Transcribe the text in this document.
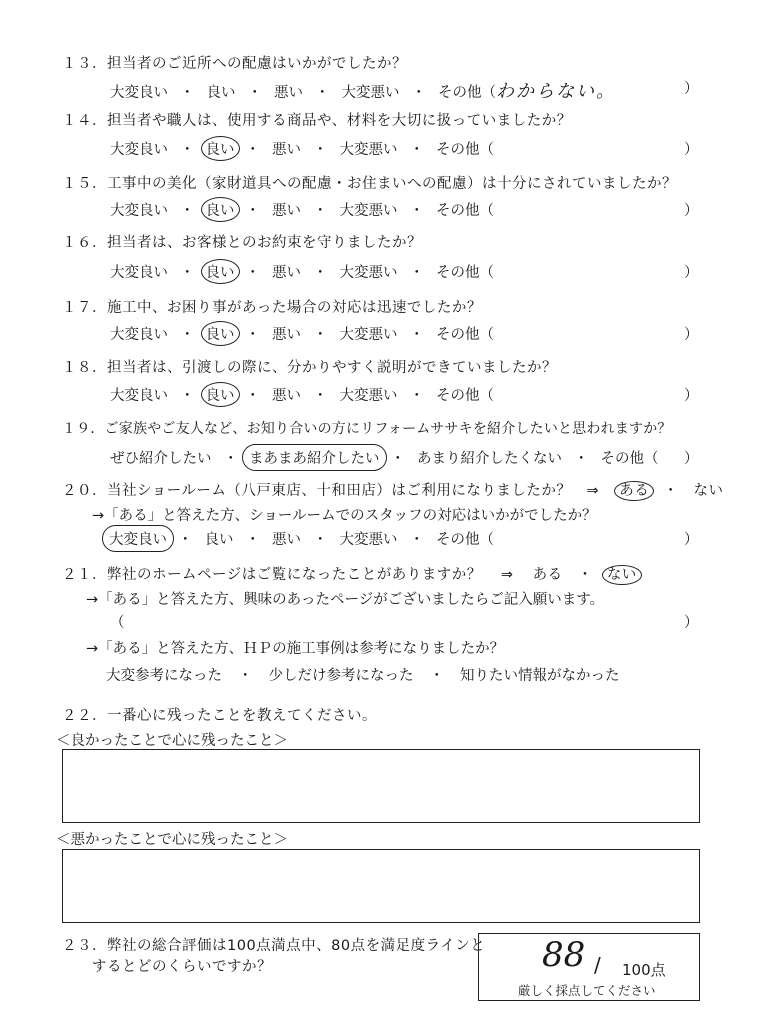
１３．担当者のご近所への配慮はいかがでしたか？
大変良い ・ 良い ・ 悪い ・ 大変悪い ・ その他（わからない。	）
１４．担当者や職人は、使用する商品や、材料を大切に扱っていましたか？
大変良い ・ 良い ・ 悪い ・ 大変悪い ・ その他（	）
１５．工事中の美化（家財道具への配慮・お住まいへの配慮）は十分にされていましたか？
大変良い ・ 良い ・ 悪い ・ 大変悪い ・ その他（	）
１６．担当者は、お客様とのお約束を守りましたか？
大変良い ・ 良い ・ 悪い ・ 大変悪い ・ その他（	）
１７．施工中、お困り事があった場合の対応は迅速でしたか？
大変良い ・ 良い ・ 悪い ・ 大変悪い ・ その他（	）
１８．担当者は、引渡しの際に、分かりやすく説明ができていましたか？
大変良い ・ 良い ・ 悪い ・ 大変悪い ・ その他（	）
１９．ご家族やご友人など、お知り合いの方にリフォームササキを紹介したいと思われますか？
ぜひ紹介したい ・ まあまあ紹介したい ・ あまり紹介したくない ・ その他（ ）
２０．当社ショールーム（八戸東店、十和田店）はご利用になりましたか？ ⇒ ある ・ ない
→「ある」と答えた方、ショールームでのスタッフの対応はいかがでしたか？
大変良い ・ 良い ・ 悪い ・ 大変悪い ・ その他（	）
２１．弊社のホームページはご覧になったことがありますか？ ⇒ ある ・ ない
→「ある」と答えた方、興味のあったページがございましたらご記入願います。
（	）
→「ある」と答えた方、ＨＰの施工事例は参考になりましたか？
大変参考になった ・ 少しだけ参考になった ・ 知りたい情報がなかった
２２．一番心に残ったことを教えてください。
＜良かったことで心に残ったこと＞
＜悪かったことで心に残ったこと＞
２３．弊社の総合評価は100点満点中、80点を満足度ラインと
　　するとどのくらいですか？	88 / 100点
厳しく採点してください
